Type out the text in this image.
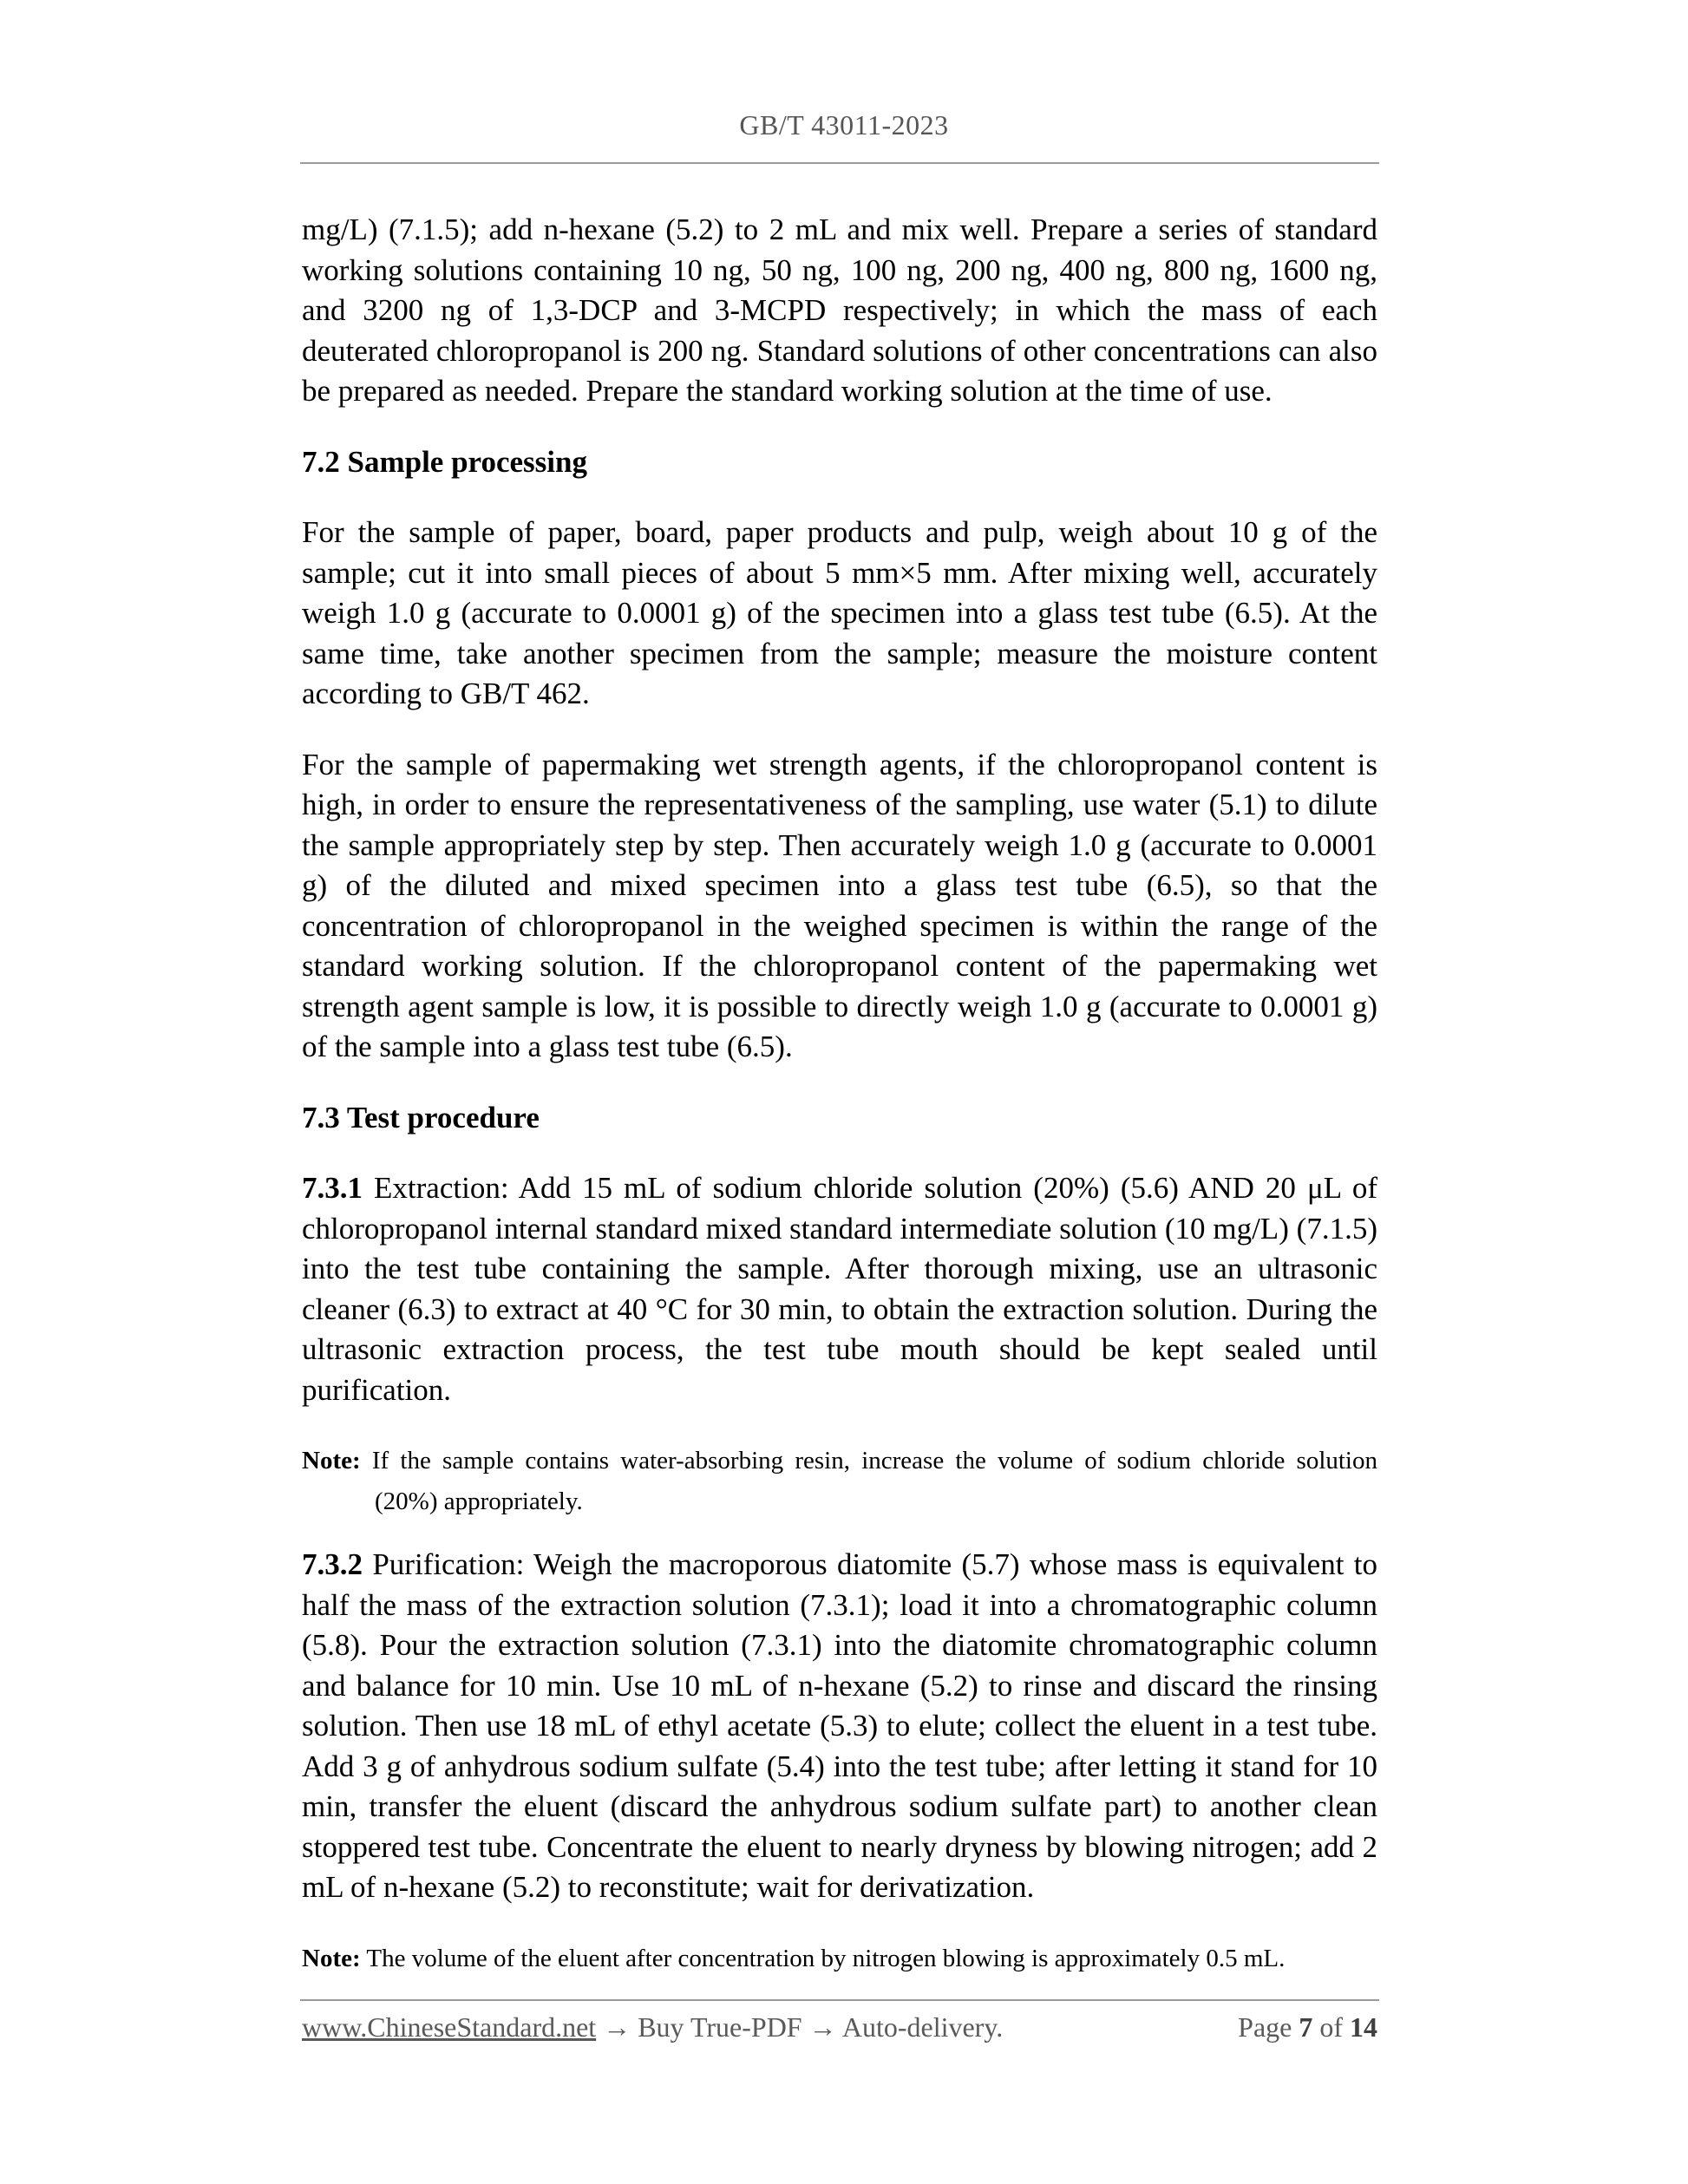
GB/T 43011-2023

mg/L) (7.1.5); add n-hexane (5.2) to 2 mL and mix well. Prepare a series of standard working solutions containing 10 ng, 50 ng, 100 ng, 200 ng, 400 ng, 800 ng, 1600 ng, and 3200 ng of 1,3-DCP and 3-MCPD respectively; in which the mass of each deuterated chloropropanol is 200 ng. Standard solutions of other concentrations can also be prepared as needed. Prepare the standard working solution at the time of use.

7.2 Sample processing

For the sample of paper, board, paper products and pulp, weigh about 10 g of the sample; cut it into small pieces of about 5 mm×5 mm. After mixing well, accurately weigh 1.0 g (accurate to 0.0001 g) of the specimen into a glass test tube (6.5). At the same time, take another specimen from the sample; measure the moisture content according to GB/T 462.

For the sample of papermaking wet strength agents, if the chloropropanol content is high, in order to ensure the representativeness of the sampling, use water (5.1) to dilute the sample appropriately step by step. Then accurately weigh 1.0 g (accurate to 0.0001 g) of the diluted and mixed specimen into a glass test tube (6.5), so that the concentration of chloropropanol in the weighed specimen is within the range of the standard working solution. If the chloropropanol content of the papermaking wet strength agent sample is low, it is possible to directly weigh 1.0 g (accurate to 0.0001 g) of the sample into a glass test tube (6.5).

7.3 Test procedure

7.3.1 Extraction: Add 15 mL of sodium chloride solution (20%) (5.6) AND 20 μL of chloropropanol internal standard mixed standard intermediate solution (10 mg/L) (7.1.5) into the test tube containing the sample. After thorough mixing, use an ultrasonic cleaner (6.3) to extract at 40 °C for 30 min, to obtain the extraction solution. During the ultrasonic extraction process, the test tube mouth should be kept sealed until purification.

Note: If the sample contains water-absorbing resin, increase the volume of sodium chloride solution (20%) appropriately.

7.3.2 Purification: Weigh the macroporous diatomite (5.7) whose mass is equivalent to half the mass of the extraction solution (7.3.1); load it into a chromatographic column (5.8). Pour the extraction solution (7.3.1) into the diatomite chromatographic column and balance for 10 min. Use 10 mL of n-hexane (5.2) to rinse and discard the rinsing solution. Then use 18 mL of ethyl acetate (5.3) to elute; collect the eluent in a test tube. Add 3 g of anhydrous sodium sulfate (5.4) into the test tube; after letting it stand for 10 min, transfer the eluent (discard the anhydrous sodium sulfate part) to another clean stoppered test tube. Concentrate the eluent to nearly dryness by blowing nitrogen; add 2 mL of n-hexane (5.2) to reconstitute; wait for derivatization.

Note: The volume of the eluent after concentration by nitrogen blowing is approximately 0.5 mL.

www.ChineseStandard.net → Buy True-PDF → Auto-delivery.	Page 7 of 14
